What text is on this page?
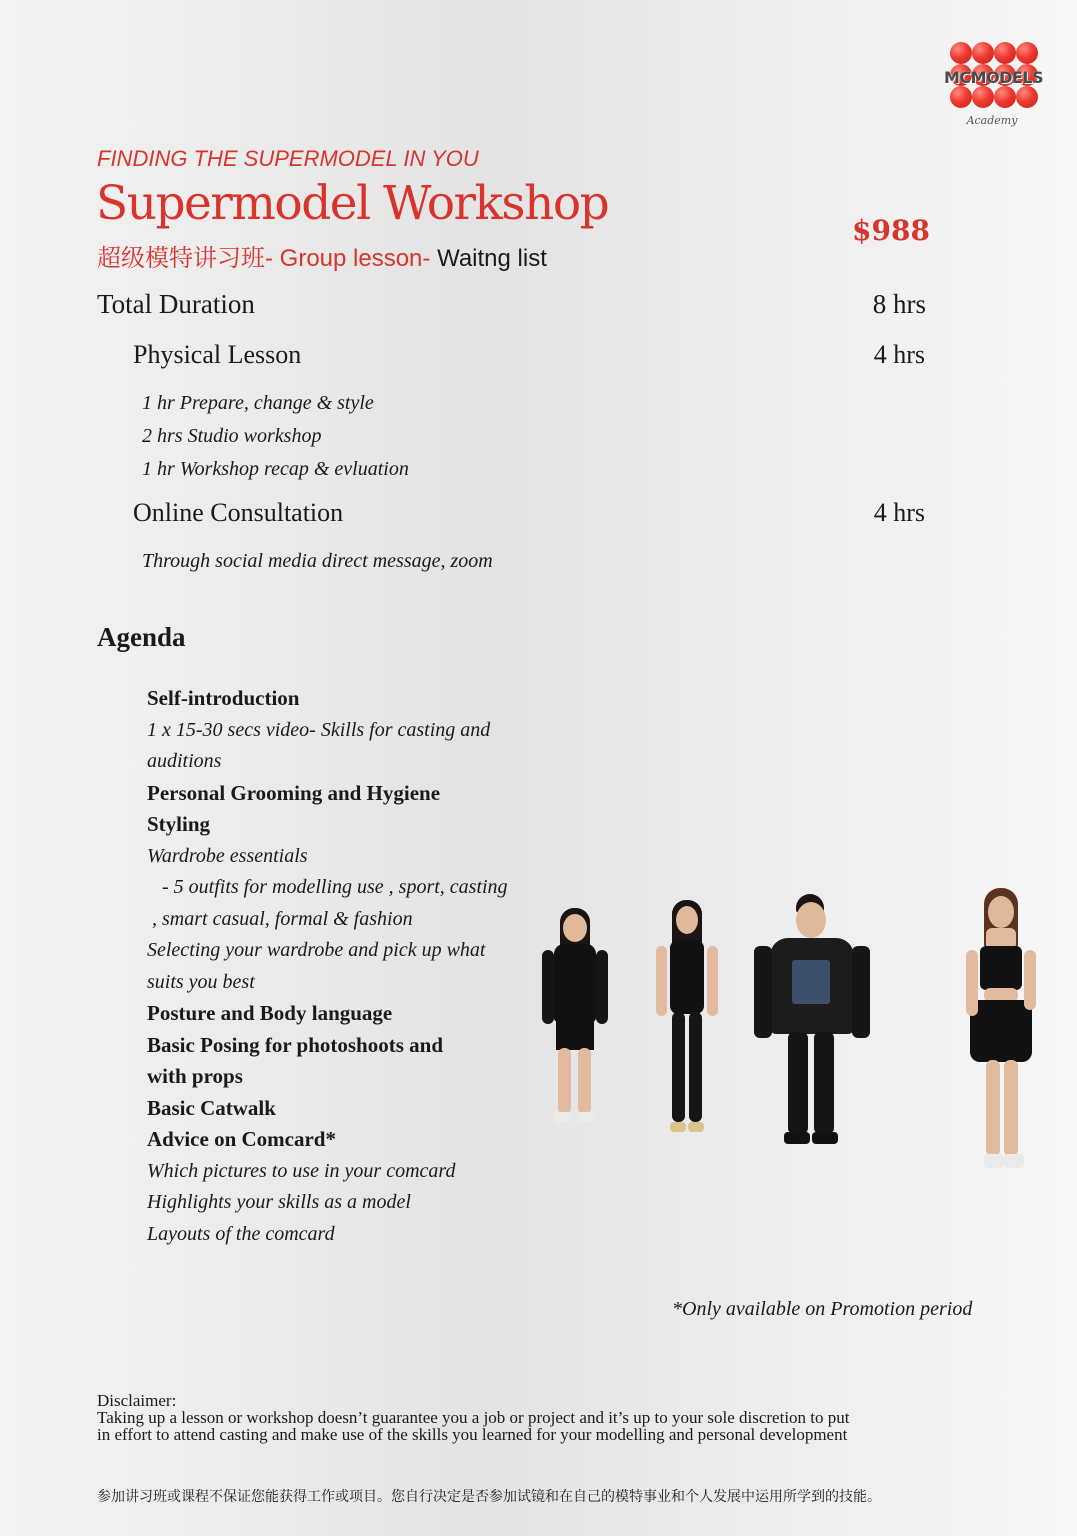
MCMODELS
Academy
FINDING THE SUPERMODEL IN YOU
Supermodel Workshop
超级模特讲习班- Group lesson- Waitng list
$988
Total Duration	8 hrs
Physical Lesson	4 hrs
1 hr Prepare, change & style
2 hrs Studio workshop
1 hr Workshop recap & evluation
Online Consultation	4 hrs
Through social media direct message, zoom
Agenda
Self-introduction
1 x 15-30 secs video- Skills for casting and
auditions
Personal Grooming and Hygiene
Styling
Wardrobe essentials
- 5 outfits for modelling use , sport, casting
, smart casual, formal & fashion
Selecting your wardrobe and pick up what
suits you best
Posture and Body language
Basic Posing for photoshoots and
with props
Basic Catwalk
Advice on Comcard*
Which pictures to use in your comcard
Highlights your skills as a model
Layouts of the comcard
*Only available on Promotion period
Disclaimer:
Taking up a lesson or workshop doesn’t guarantee you a job or project and it’s up to your sole discretion to put
in effort to attend casting and make use of the skills you learned for your modelling and personal development
参加讲习班或课程不保证您能获得工作或项目。您自行决定是否参加试镜和在自己的模特事业和个人发展中运用所学到的技能。
